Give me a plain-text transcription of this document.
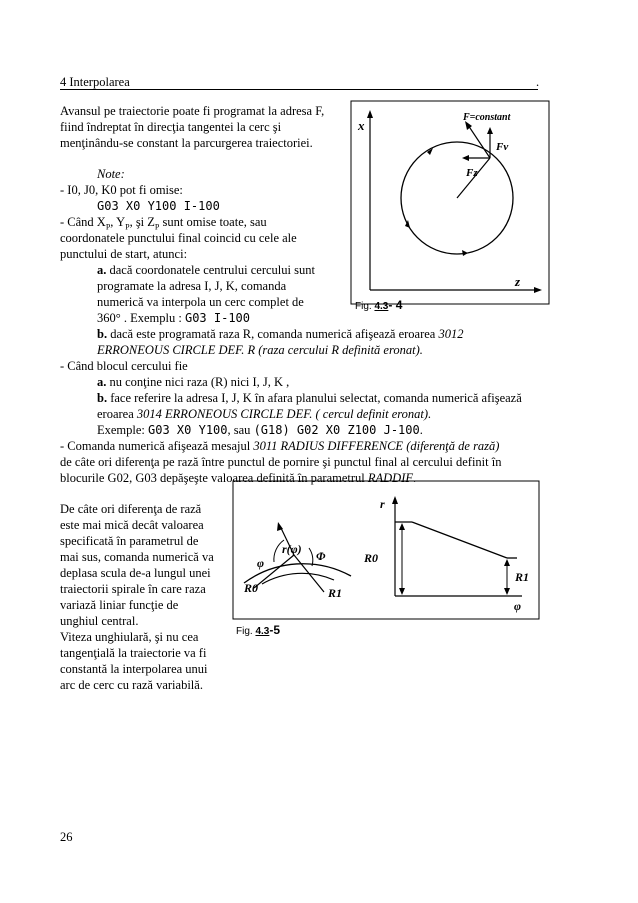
4 Interpolarea	.
Avansul pe traiectorie poate fi programat la adresa F,
fiind îndreptat în direcţia tangentei la cerc şi
menţinându-se constant la parcurgerea traiectoriei.
Note:
- I0, J0, K0 pot fi omise:
G03 X0 Y100 I-100
- Când $X_P$, $Y_P$, şi $Z_P$ sunt omise toate, sau
coordonatele punctului final coincid cu cele ale
punctului de start, atunci:
a. dacă coordonatele centrului cercului sunt
programate la adresa I, J, K, comanda
numerică va interpola un cerc complet de
360° . Exemplu : G03 I-100
b. dacă este programată raza R, comanda numerică afişează eroarea 3012
ERRONEOUS CIRCLE DEF. R (raza cercului R definită eronat).
- Când blocul cercului fie
a. nu conţine nici raza (R) nici I, J, K ,
b. face referire la adresa I, J, K în afara planului selectat, comanda numerică afişează
eroarea 3014 ERRONEOUS CIRCLE DEF. ( cercul definit eronat).
Exemple: G03 X0 Y100, sau (G18) G02 X0 Z100 J-100.
- Comanda numerică afişează mesajul 3011 RADIUS DIFFERENCE (diferenţă de rază)
de câte ori diferenţa pe rază între punctul de pornire şi punctul final al cercului definit în
blocurile G02, G03 depăşeşte valoarea definită în parametrul RADDIF.
De câte ori diferenţa de rază
este mai mică decât valoarea
specificată în parametrul de
mai sus, comanda numerică va
deplasa scula de-a lungul unei
traiectorii spirale în care raza
variază liniar funcţie de
unghiul central.
Viteza unghiulară, şi nu cea
tangenţială la traiectorie va fi
constantă la interpolarea unui
arc de cerc cu rază variabilă.
x
z
F=constant
Fv
Fz
Fig. 4.3- 4
r(φ)
φ	Φ
R0	R1
r
R0
R1
φ
Fig. 4.3-5
26
